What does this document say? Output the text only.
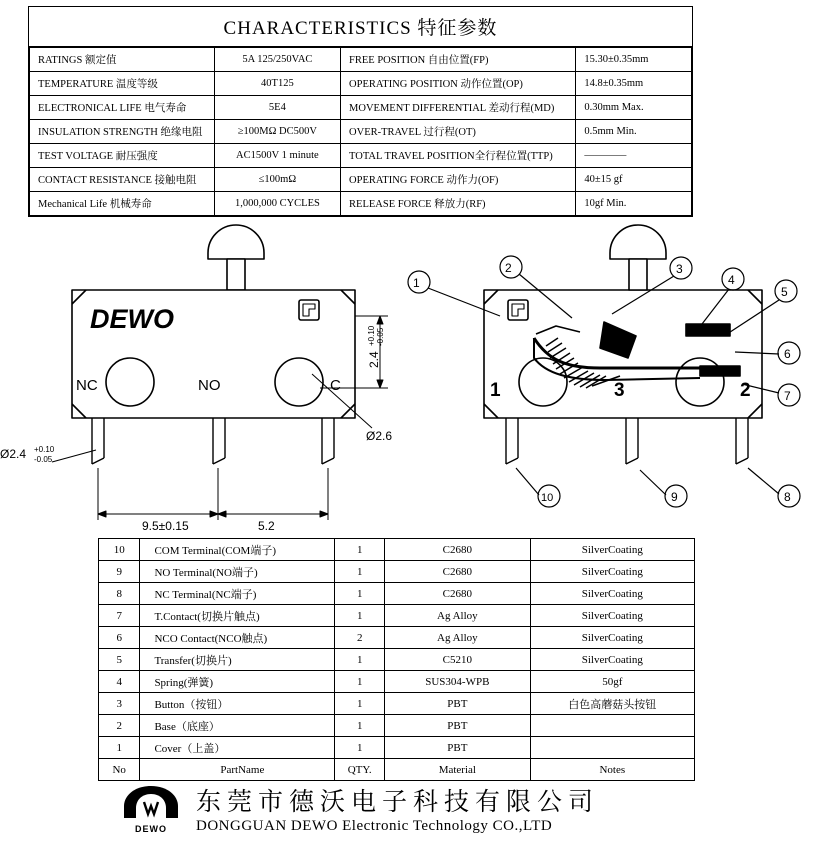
CHARACTERISTICS 特征参数
RATINGS 额定值	5A 125/250VAC	FREE POSITION 自由位置(FP)	15.30±0.35mm
TEMPERATURE 温度等级	40T125	OPERATING POSITION 动作位置(OP)	14.8±0.35mm
ELECTRONICAL LIFE 电气寿命	5E4	MOVEMENT DIFFERENTIAL 差动行程(MD)	0.30mm Max.
INSULATION STRENGTH 绝缘电阻	≥100MΩ DC500V	OVER-TRAVEL 过行程(OT)	0.5mm Min.
TEST VOLTAGE 耐压强度	AC1500V 1 minute	TOTAL TRAVEL POSITION全行程位置(TTP)	————
CONTACT RESISTANCE 接触电阻	≤100mΩ	OPERATING FORCE 动作力(OF)	40±15 gf
Mechanical Life 机械寿命	1,000,000 CYCLES	RELEASE FORCE 释放力(RF)	10gf Min.
DEWO
NC	NO	C
9.5±0.15	5.2
Ø2.4 +0.10
-0.05
Ø2.6
2.4
+0.10 -0.05
1
2	3
4
5
6
7
8
9
10
1	3	2
10	COM Terminal(COM端子)	1	C2680	SilverCoating
9	NO Terminal(NO端子)	1	C2680	SilverCoating
8	NC Terminal(NC端子)	1	C2680	SilverCoating
7	T.Contact(切换片触点)	1	Ag Alloy	SilverCoating
6	NCO Contact(NCO触点)	2	Ag Alloy	SilverCoating
5	Transfer(切换片)	1	C5210	SilverCoating
4	Spring(弹簧)	1	SUS304-WPB	50gf
3	Button（按钮）	1	PBT	白色高蘑菇头按钮
2	Base（底座）	1	PBT	
1	Cover（上盖）	1	PBT	
No	PartName	QTY.	Material	Notes
DEWO
东莞市德沃电子科技有限公司
DONGGUAN DEWO Electronic Technology CO.,LTD
